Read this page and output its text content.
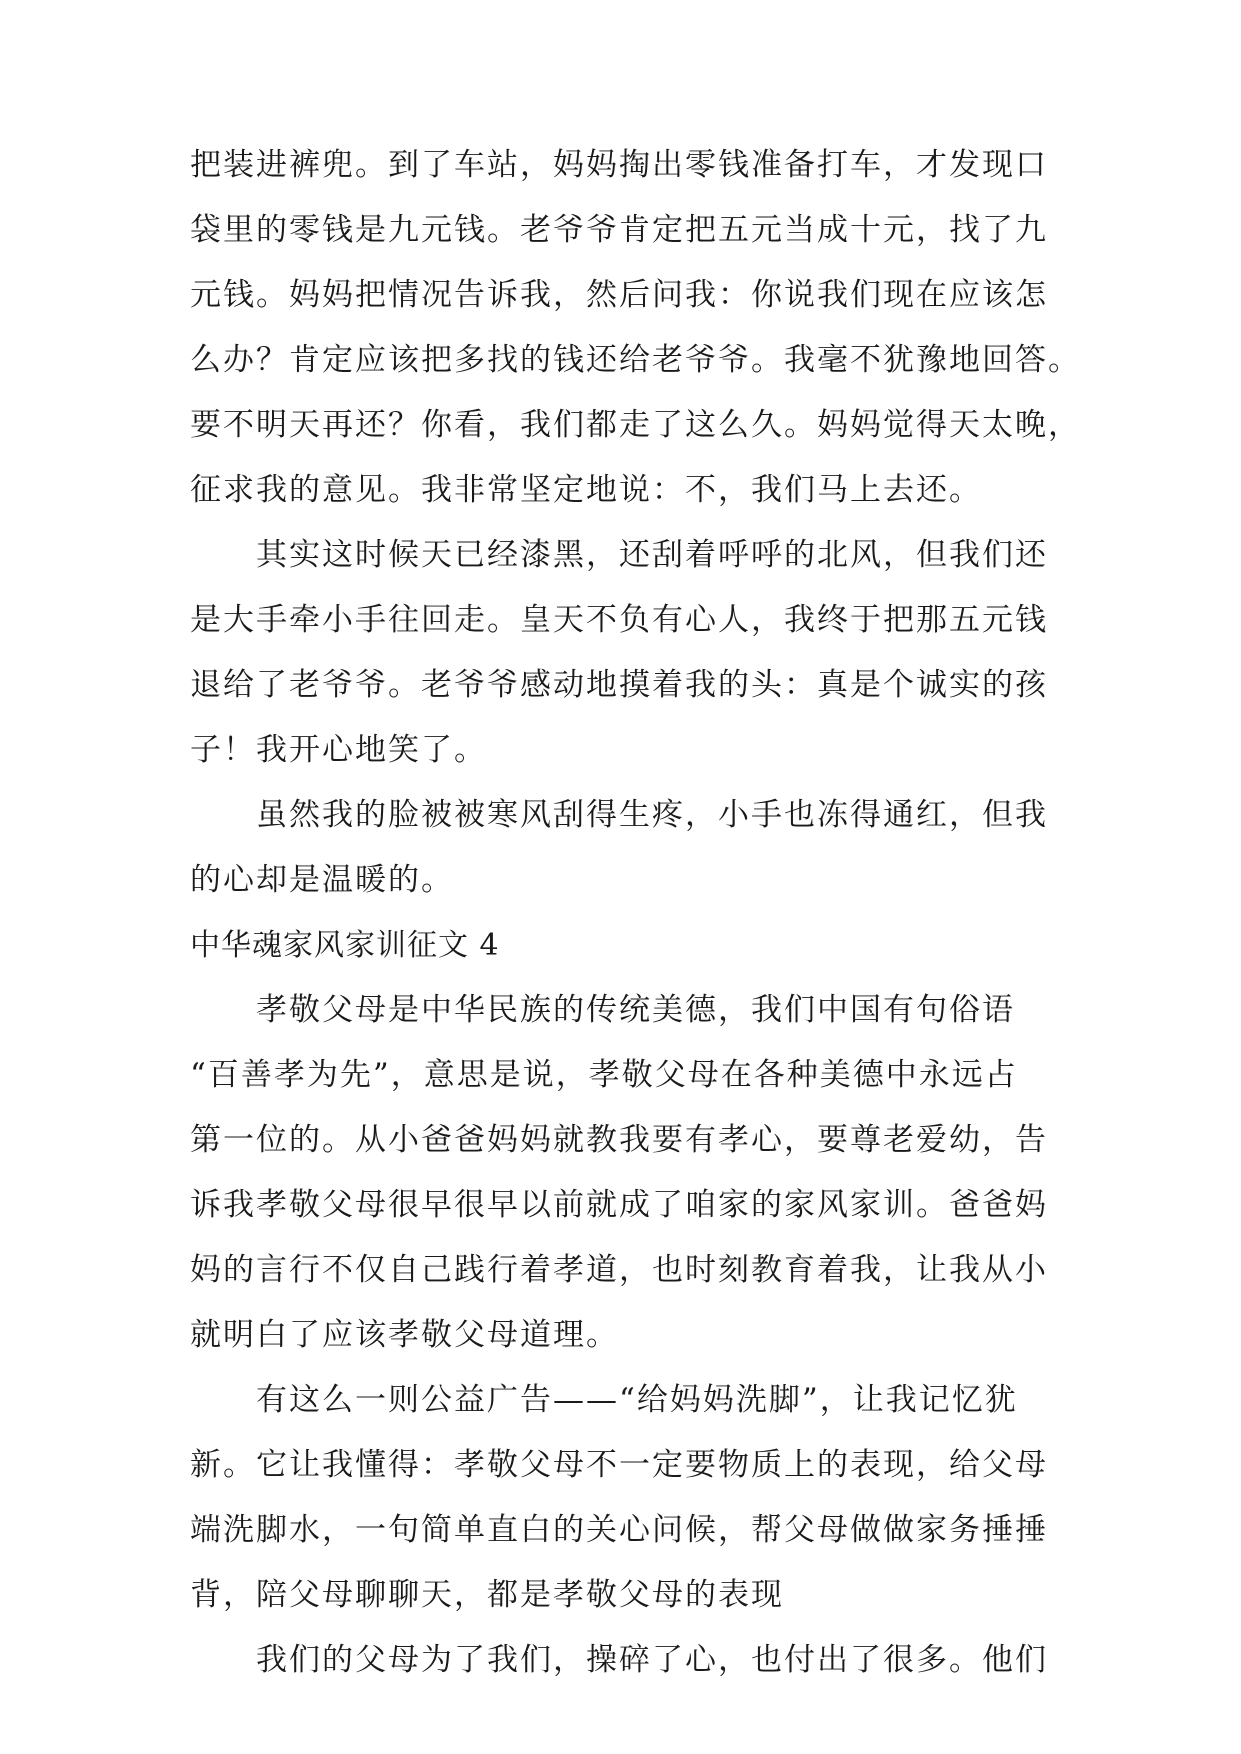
把装进裤兜。到了车站，妈妈掏出零钱准备打车，才发现口
袋里的零钱是九元钱。老爷爷肯定把五元当成十元，找了九
元钱。妈妈把情况告诉我，然后问我：你说我们现在应该怎
么办？肯定应该把多找的钱还给老爷爷。我毫不犹豫地回答。
要不明天再还？你看，我们都走了这么久。妈妈觉得天太晚，
征求我的意见。我非常坚定地说：不，我们马上去还。
其实这时候天已经漆黑，还刮着呼呼的北风，但我们还
是大手牵小手往回走。皇天不负有心人，我终于把那五元钱
退给了老爷爷。老爷爷感动地摸着我的头：真是个诚实的孩
子！我开心地笑了。
虽然我的脸被被寒风刮得生疼，小手也冻得通红，但我
的心却是温暖的。
中华魂家风家训征文 4
孝敬父母是中华民族的传统美德，我们中国有句俗语
“百善孝为先”，意思是说，孝敬父母在各种美德中永远占
第一位的。从小爸爸妈妈就教我要有孝心，要尊老爱幼，告
诉我孝敬父母很早很早以前就成了咱家的家风家训。爸爸妈
妈的言行不仅自己践行着孝道，也时刻教育着我，让我从小
就明白了应该孝敬父母道理。
有这么一则公益广告——“给妈妈洗脚”，让我记忆犹
新。它让我懂得：孝敬父母不一定要物质上的表现，给父母
端洗脚水，一句简单直白的关心问候，帮父母做做家务捶捶
背，陪父母聊聊天，都是孝敬父母的表现
我们的父母为了我们，操碎了心，也付出了很多。他们
